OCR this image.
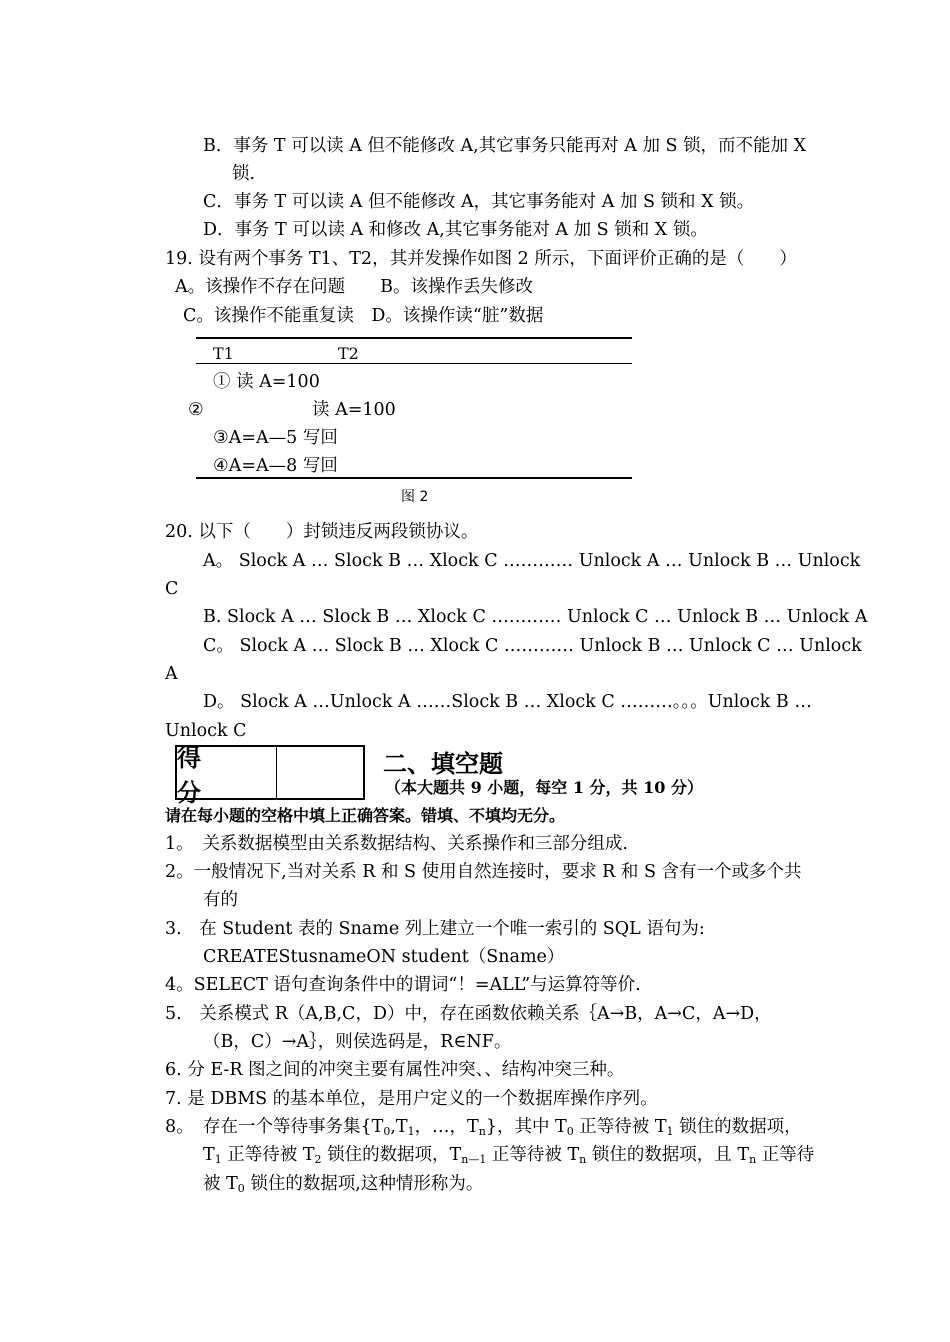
B．事务 T 可以读 A 但不能修改 A,其它事务只能再对 A 加 S 锁，而不能加 X
锁.
C．事务 T 可以读 A 但不能修改 A，其它事务能对 A 加 S 锁和 X 锁。
D．事务 T 可以读 A 和修改 A,其它事务能对 A 加 S 锁和 X 锁。
19. 设有两个事务 T1、T2，其并发操作如图 2 所示，下面评价正确的是（　　）
A。该操作不存在问题　　B。该操作丢失修改
C。该操作不能重复读　D。该操作读“脏”数据
T1	T2
① 读 A=100
②	读 A=100
③A=A—5 写回
④A=A—8 写回
图 2
20. 以下（　　）封锁违反两段锁协议。
A。 Slock A … Slock B … Xlock C ………… Unlock A … Unlock B … Unlock
C
B. Slock A … Slock B … Xlock C ………… Unlock C … Unlock B … Unlock A
C。 Slock A … Slock B … Xlock C ………… Unlock B … Unlock C … Unlock
A
D。 Slock A …Unlock A ……Slock B … Xlock C ………。。。Unlock B …
Unlock C
得　分
二、填空题
（本大题共 9 小题，每空 1 分，共 10 分）
请在每小题的空格中填上正确答案。错填、不填均无分。
1。　关系数据模型由关系数据结构、关系操作和三部分组成.
2。一般情况下,当对关系 R 和 S 使用自然连接时，要求 R 和 S 含有一个或多个共
有的
3.　在 Student 表的 Sname 列上建立一个唯一索引的 SQL 语句为:
CREATEStusnameON student（Sname）
4。SELECT 语句查询条件中的谓词“！=ALL”与运算符等价.
5.　关系模式 R（A,B,C，D）中，存在函数依赖关系｛A→B，A→C，A→D，
（B，C）→A｝，则侯选码是，R∈NF。
6. 分 E-R 图之间的冲突主要有属性冲突、、结构冲突三种。
7. 是 DBMS 的基本单位，是用户定义的一个数据库操作序列。
8。 存在一个等待事务集{$T_0,T_1$，…，$T_n$}，其中 $T_0$ 正等待被 $T_1$ 锁住的数据项，
$T_1$ 正等待被 $T_2$ 锁住的数据项，$T_{n—1}$ 正等待被 $T_n$ 锁住的数据项，且 $T_n$ 正等待
被 $T_0$ 锁住的数据项,这种情形称为。
